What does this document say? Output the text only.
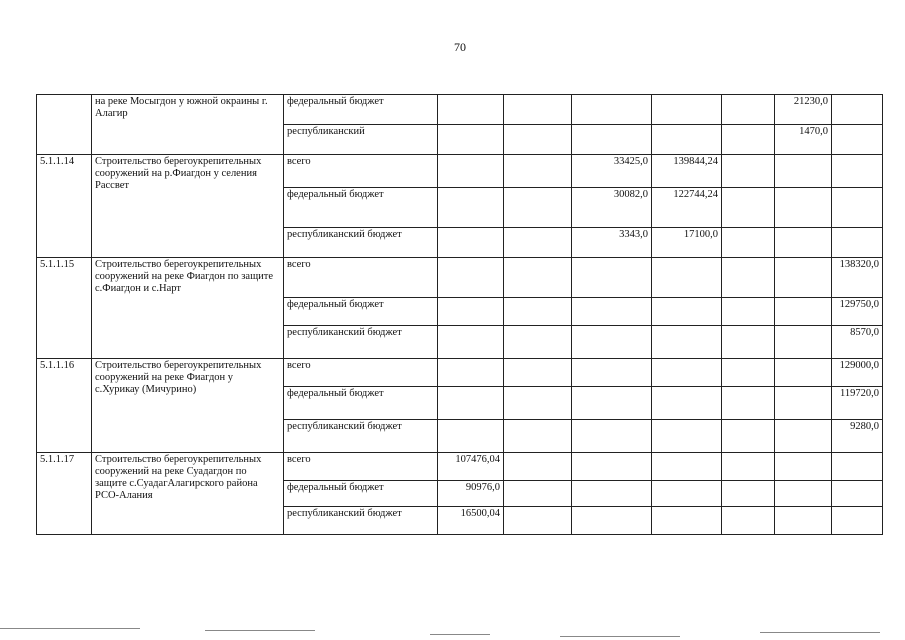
70
	на реке Мосыгдон у южной окраины г. Алагир	федеральный бюджет						21230,0	
		республиканский						1470,0	
5.1.1.14	Строительство берегоукрепительных сооружений на р.Фиагдон у селения Рассвет	всего			33425,0	139844,24			
		федеральный бюджет			30082,0	122744,24			
		республиканский бюджет			3343,0	17100,0			
5.1.1.15	Строительство берегоукрепительных сооружений на реке Фиагдон по защите с.Фиагдон и с.Нарт	всего							138320,0
		федеральный бюджет							129750,0
		республиканский бюджет							8570,0
5.1.1.16	Строительство берегоукрепительных сооружений на реке Фиагдон у с.Хурикау (Мичурино)	всего							129000,0
		федеральный бюджет							119720,0
		республиканский бюджет							9280,0
5.1.1.17	Строительство берегоукрепительных сооружений на реке Суадагдон по защите с.СуадагАлагирского района РСО-Алания	всего	107476,04						
		федеральный бюджет	90976,0						
		республиканский бюджет	16500,04						
